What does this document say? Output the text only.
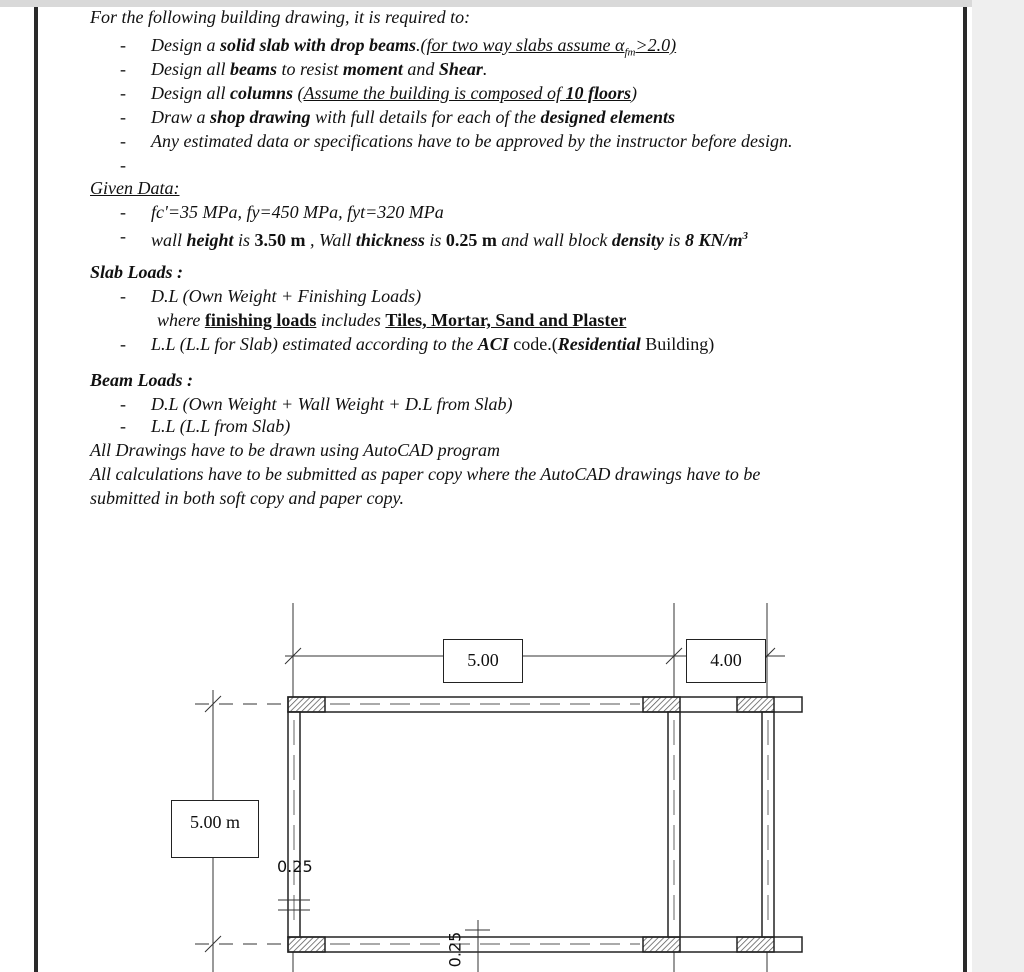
For the following building drawing, it is required to:
- Design a solid slab with drop beams.(for two way slabs assume $\alpha_{fm}>2.0$)
- Design all beams to resist moment and Shear.
- Design all columns (Assume the building is composed of 10 floors)
- Draw a shop drawing with full details for each of the designed elements
- Any estimated data or specifications have to be approved by the instructor before design.
-
Given Data:
- fc'=35 MPa, fy=450 MPa, fyt=320 MPa
- wall height is 3.50 m , Wall thickness is 0.25 m and wall block density is 8 $KN/m^3$
Slab Loads :
- D.L (Own Weight + Finishing Loads)
where finishing loads includes Tiles, Mortar, Sand and Plaster
- L.L (L.L for Slab) estimated according to the ACI code.(Residential Building)
Beam Loads :
- D.L (Own Weight + Wall Weight + D.L from Slab)
- L.L (L.L from Slab)
All Drawings have to be drawn using AutoCAD program
All calculations have to be submitted as paper copy where the AutoCAD drawings have to be
submitted in both soft copy and paper copy.
5.00	4.00
5.00 m
0.25
0.25
